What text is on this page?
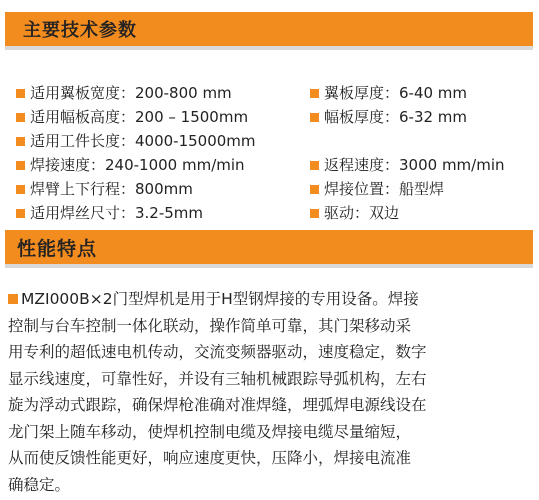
主要技术参数
适用翼板宽度：200-800 mm
适用幅板高度：200 – 1500mm
适用工件长度：4000-15000mm
焊接速度：240-1000 mm/min
焊臂上下行程：800mm
适用焊丝尺寸：3.2-5mm
翼板厚度：6-40 mm
幅板厚度：6-32 mm
返程速度：3000 mm/min
焊接位置：船型焊
驱动：双边
性能特点
MZI000B×2门型焊机是用于H型钢焊接的专用设备。焊接
控制与台车控制一体化联动，操作简单可靠，其门架移动采
用专利的超低速电机传动，交流变频器驱动，速度稳定，数字
显示线速度，可靠性好，并设有三轴机械跟踪导弧机构，左右
旋为浮动式跟踪，确保焊枪准确对准焊缝，埋弧焊电源线设在
龙门架上随车移动，使焊机控制电缆及焊接电缆尽量缩短，
从而使反馈性能更好，响应速度更快，压降小，焊接电流准
确稳定。
